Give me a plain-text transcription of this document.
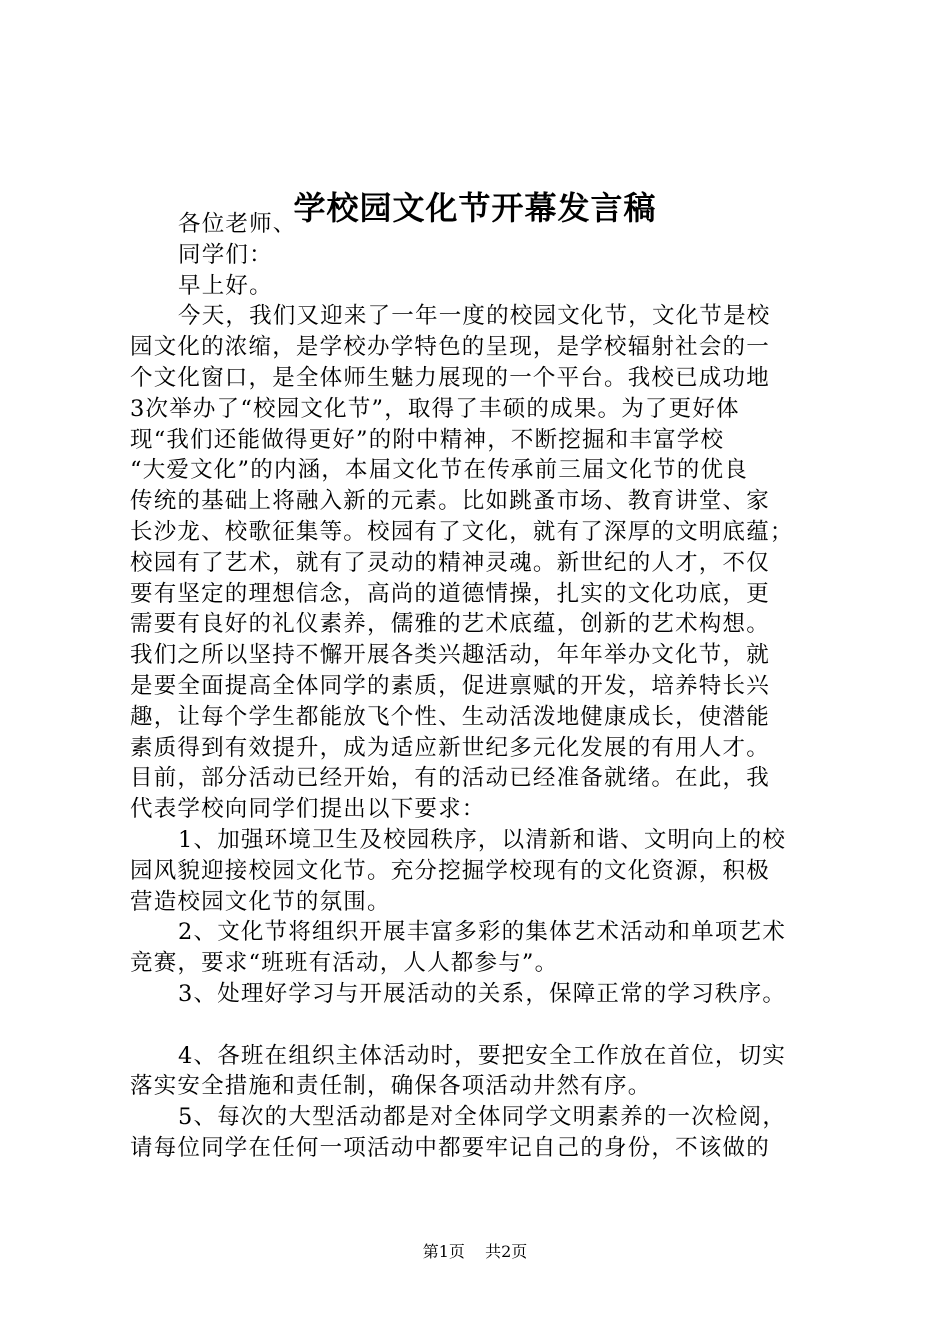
学校园文化节开幕发言稿
各位老师、
同学们：
早上好。
今天，我们又迎来了一年一度的校园文化节，文化节是校
园文化的浓缩，是学校办学特色的呈现，是学校辐射社会的一
个文化窗口，是全体师生魅力展现的一个平台。我校已成功地
3次举办了“校园文化节”，取得了丰硕的成果。为了更好体
现“我们还能做得更好”的附中精神，不断挖掘和丰富学校
“大爱文化”的内涵，本届文化节在传承前三届文化节的优良
传统的基础上将融入新的元素。比如跳蚤市场、教育讲堂、家
长沙龙、校歌征集等。校园有了文化，就有了深厚的文明底蕴；
校园有了艺术，就有了灵动的精神灵魂。新世纪的人才，不仅
要有坚定的理想信念，高尚的道德情操，扎实的文化功底，更
需要有良好的礼仪素养，儒雅的艺术底蕴，创新的艺术构想。
我们之所以坚持不懈开展各类兴趣活动，年年举办文化节，就
是要全面提高全体同学的素质，促进禀赋的开发，培养特长兴
趣，让每个学生都能放飞个性、生动活泼地健康成长，使潜能
素质得到有效提升，成为适应新世纪多元化发展的有用人才。
目前，部分活动已经开始，有的活动已经准备就绪。在此，我
代表学校向同学们提出以下要求：
1、加强环境卫生及校园秩序，以清新和谐、文明向上的校
园风貌迎接校园文化节。充分挖掘学校现有的文化资源，积极
营造校园文化节的氛围。
2、文化节将组织开展丰富多彩的集体艺术活动和单项艺术
竞赛，要求“班班有活动，人人都参与”。
3、处理好学习与开展活动的关系，保障正常的学习秩序。
4、各班在组织主体活动时，要把安全工作放在首位，切实
落实安全措施和责任制，确保各项活动井然有序。
5、每次的大型活动都是对全体同学文明素养的一次检阅，
请每位同学在任何一项活动中都要牢记自己的身份，不该做的
第1页 共2页
